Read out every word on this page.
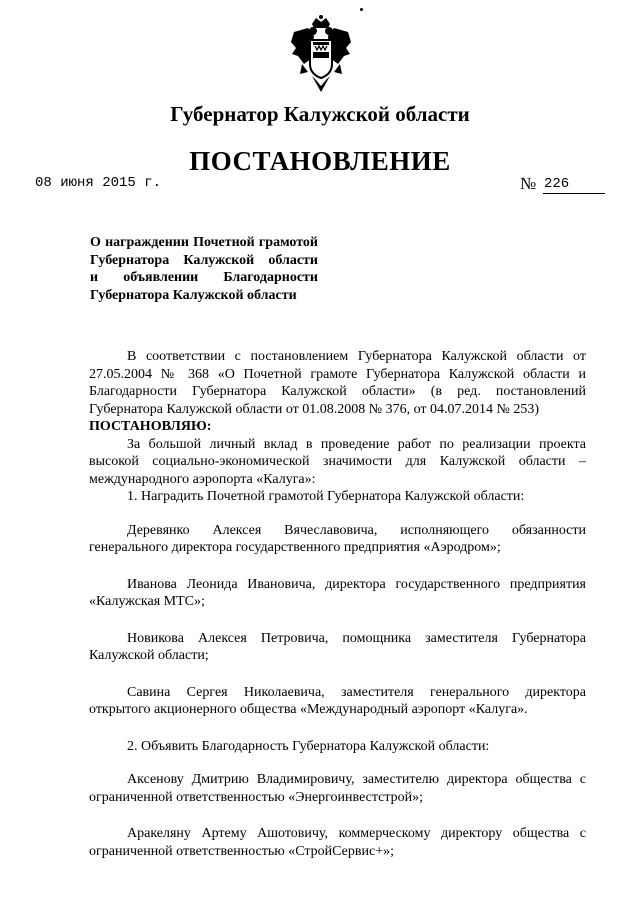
Губернатор Калужской области
ПОСТАНОВЛЕНИЕ
08 июня 2015 г.	№ 226
О награждении Почетной грамотой
Губернатора Калужской области
и объявлении Благодарности
Губернатора Калужской области
В соответствии с постановлением Губернатора Калужской области от 27.05.2004 № 368 «О Почетной грамоте Губернатора Калужской области и Благодарности Губернатора Калужской области» (в ред. постановлений Губернатора Калужской области от 01.08.2008 № 376, от 04.07.2014 № 253)
ПОСТАНОВЛЯЮ:
За большой личный вклад в проведение работ по реализации проекта высокой социально-экономической значимости для Калужской области – международного аэропорта «Калуга»:
1. Наградить Почетной грамотой Губернатора Калужской области:
Деревянко Алексея Вячеславовича, исполняющего обязанности генерального директора государственного предприятия «Аэродром»;
Иванова Леонида Ивановича, директора государственного предприятия «Калужская МТС»;
Новикова Алексея Петровича, помощника заместителя Губернатора Калужской области;
Савина Сергея Николаевича, заместителя генерального директора открытого акционерного общества «Международный аэропорт «Калуга».
2. Объявить Благодарность Губернатора Калужской области:
Аксенову Дмитрию Владимировичу, заместителю директора общества с ограниченной ответственностью «Энергоинвестстрой»;
Аракеляну Артему Ашотовичу, коммерческому директору общества с ограниченной ответственностью «СтройСервис+»;
